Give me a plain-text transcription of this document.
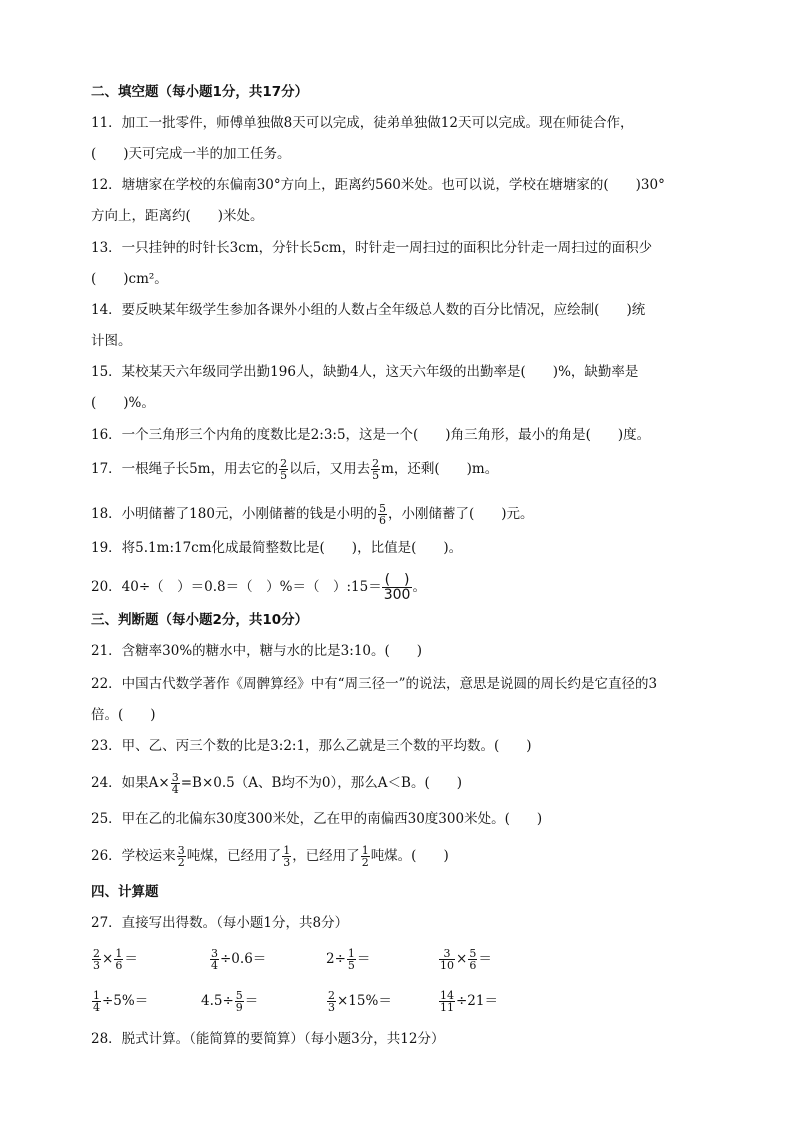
二、填空题（每小题1分，共17分）
11．加工一批零件，师傅单独做8天可以完成，徒弟单独做12天可以完成。现在师徒合作，
(　　)天可完成一半的加工任务。
12．塘塘家在学校的东偏南30°方向上，距离约560米处。也可以说，学校在塘塘家的(　　)30°
方向上，距离约(　　)米处。
13．一只挂钟的时针长3cm，分针长5cm，时针走一周扫过的面积比分针走一周扫过的面积少
(　　)cm²。
14．要反映某年级学生参加各课外小组的人数占全年级总人数的百分比情况，应绘制(　　)统
计图。
15．某校某天六年级同学出勤196人，缺勤4人，这天六年级的出勤率是(　　)%，缺勤率是
(　　)%。
16．一个三角形三个内角的度数比是2:3:5，这是一个(　　)角三角形，最小的角是(　　)度。
17．一根绳子长5m，用去它的 $\frac{2}{5}$ 以后，又用去 $\frac{2}{5}$ m，还剩(　　)m。
18．小明储蓄了180元，小刚储蓄的钱是小明的 $\frac{5}{6}$ ，小刚储蓄了(　　)元。
19．将5.1m:17cm化成最简整数比是(　　)，比值是(　　)。
20．40÷（　）＝0.8＝（　）%＝（　）:15＝ (　)
300 。
三、判断题（每小题2分，共10分）
21．含糖率30%的糖水中，糖与水的比是3:10。(　　)
22．中国古代数学著作《周髀算经》中有“周三径一”的说法，意思是说圆的周长约是它直径的3
倍。(　　)
23．甲、乙、丙三个数的比是3:2:1，那么乙就是三个数的平均数。(　　)
24．如果$A\times \frac{3}{4} =B\times 0.5(A$、B均不为0），那么A＜B。(　　)
25．甲在乙的北偏东30度300米处，乙在甲的南偏西30度300米处。(　　)
26．学校运来 $\frac{3}{2}$ 吨煤，已经用了 $\frac{1}{3}$ ，已经用了 $\frac{1}{2}$ 吨煤。(　　)
四、计算题
27．直接写出得数。（每小题1分，共8分）
$\frac{2}{3} \times \frac{1}{6}$ ＝	$\frac{3}{4} \div 0.6=$	$2\div \frac{1}{5}$ ＝	$\frac{3}{10} \times \frac{5}{6}$ ＝
$\frac{1}{4} \div 5\%=$	$4.5\div \frac{5}{9}$ ＝	$\frac{2}{3} \times 15\%=$	$\frac{14}{11} \div 21=$
28．脱式计算。（能简算的要简算）（每小题3分，共12分）
